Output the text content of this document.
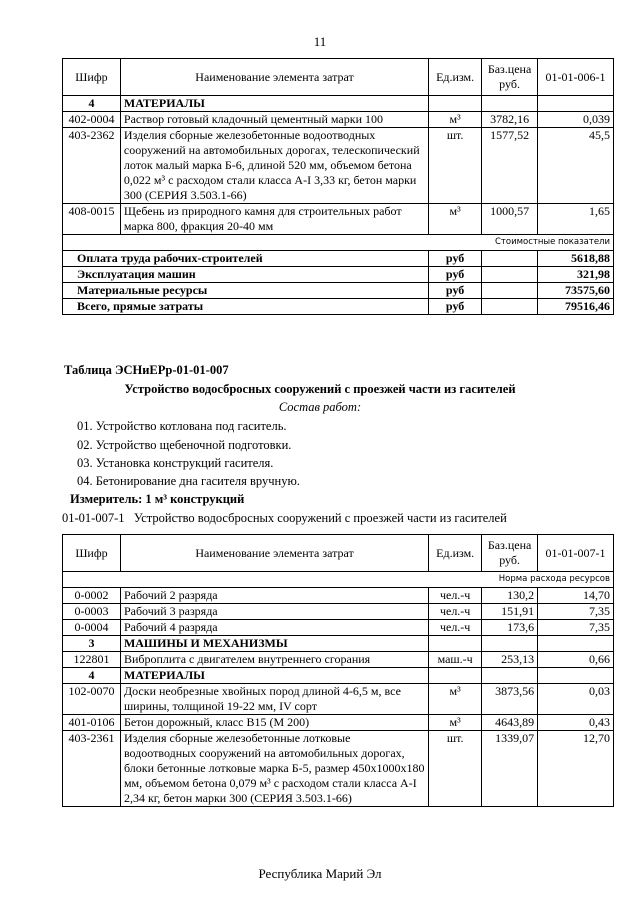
11
Шифр	Наименование элемента затрат	Ед.изм.	Баз.цена руб.	01-01-006-1
4	МАТЕРИАЛЫ			
402-0004	Раствор готовый кладочный цементный марки 100	м³	3782,16	0,039
403-2362	Изделия сборные железобетонные водоотводных сооружений на автомобильных дорогах, телескопический лоток малый марка Б-6, длиной 520 мм, объемом бетона 0,022 м³ с расходом стали класса А-I 3,33 кг, бетон марки 300 (СЕРИЯ 3.503.1-66)	шт.	1577,52	45,5
408-0015	Щебень из природного камня для строительных работ марка 800, фракция 20-40 мм	м³	1000,57	1,65
Стоимостные показатели				
Оплата труда рабочих-строителей		руб		5618,88
Эксплуатация машин		руб		321,98
Материальные ресурсы		руб		73575,60
Всего, прямые затраты		руб		79516,46
Таблица ЭСНиЕРр-01-01-007
Устройство водосбросных сооружений с проезжей части из гасителей
Состав работ:
01. Устройство котлована под гаситель.
02. Устройство щебеночной подготовки.
03. Установка конструкций гасителя.
04. Бетонирование дна гасителя вручную.
Измеритель: 1 м³ конструкций
01-01-007-1   Устройство водосбросных сооружений с проезжей части из гасителей
Шифр	Наименование элемента затрат	Ед.изм.	Баз.цена руб.	01-01-007-1
Норма расхода ресурсов				
0-0002	Рабочий 2 разряда	чел.-ч	130,2	14,70
0-0003	Рабочий 3 разряда	чел.-ч	151,91	7,35
0-0004	Рабочий 4 разряда	чел.-ч	173,6	7,35
3	МАШИНЫ И МЕХАНИЗМЫ			
122801	Виброплита с двигателем внутреннего сгорания	маш.-ч	253,13	0,66
4	МАТЕРИАЛЫ			
102-0070	Доски необрезные хвойных пород длиной 4-6,5 м, все ширины, толщиной 19-22 мм, IV сорт	м³	3873,56	0,03
401-0106	Бетон дорожный, класс В15 (М 200)	м³	4643,89	0,43
403-2361	Изделия сборные железобетонные лотковые водоотводных сооружений на автомобильных дорогах, блоки бетонные лотковые марка Б-5, размер 450х1000х180 мм, объемом бетона 0,079 м³ с расходом стали класса А-I 2,34 кг, бетон марки 300 (СЕРИЯ 3.503.1-66)	шт.	1339,07	12,70
Республика Марий Эл
